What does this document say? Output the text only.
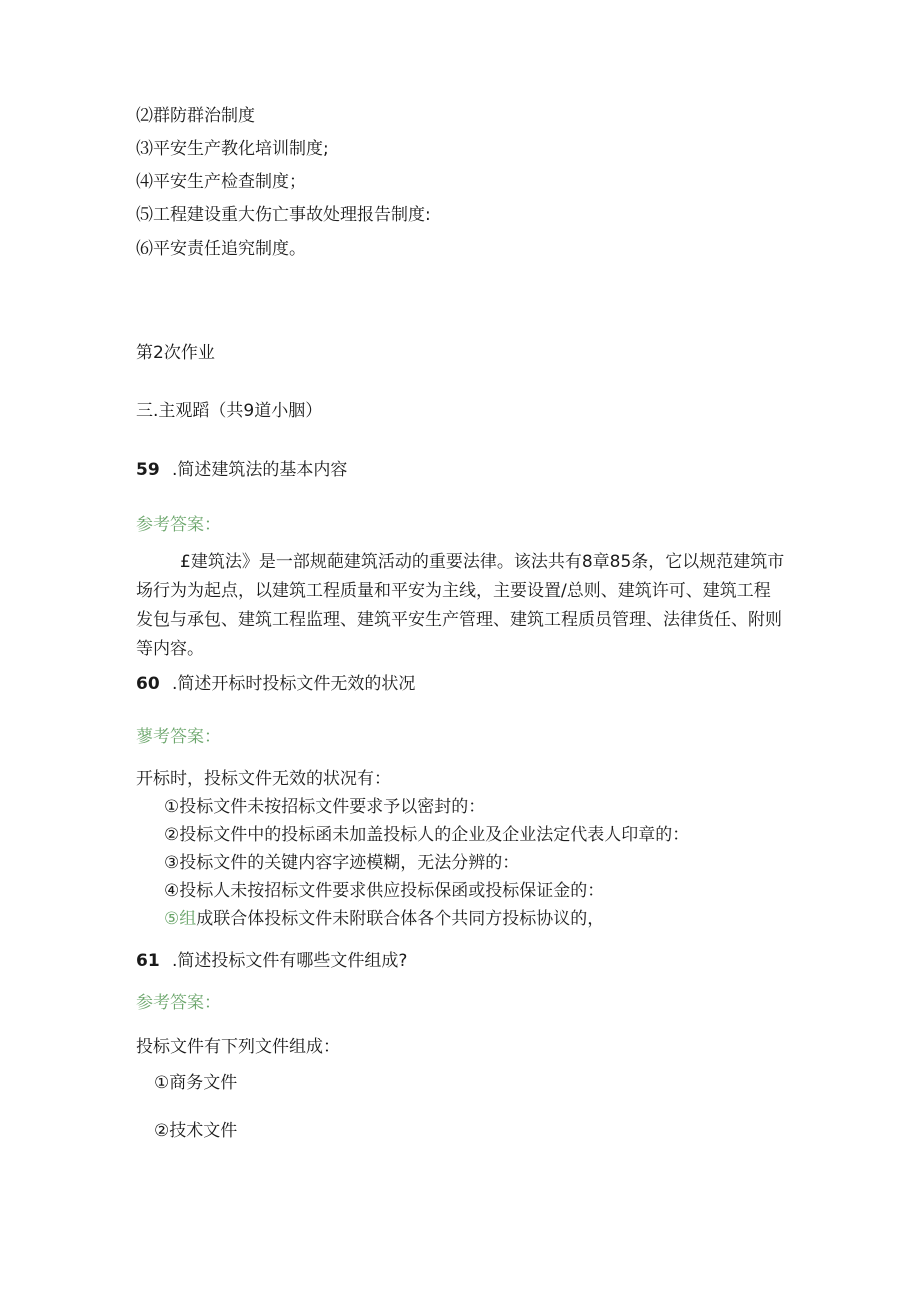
⑵群防群治制度
⑶平安生产教化培训制度;
⑷平安生产检查制度；
⑸工程建设重大伤亡事故处理报告制度:
⑹平安责任追究制度。
第2次作业
三.主观蹈（共9道小胭）
59 .简述建筑法的基本内容
参考答案：
£建筑法》是一部规葩建筑活动的重要法律。该法共有8章85条，它以规范建筑市场行为为起点，以建筑工程质量和平安为主线，主要设置/总则、建筑许可、建筑工程发包与承包、建筑工程监理、建筑平安生产管理、建筑工程质员管理、法律货任、附则等内容。
60 .简述开标时投标文件无效的状况
蓼考答案：
开标时，投标文件无效的状况有：
①投标文件未按招标文件要求予以密封的：
②投标文件中的投标函未加盖投标人的企业及企业法定代表人印章的：
③投标文件的关键内容字迹模糊，无法分辨的：
④投标人未按招标文件要求供应投标保函或投标保证金的：
⑤组成联合体投标文件未附联合体各个共同方投标协议的，
61 .简述投标文件有哪些文件组成?
参考答案：
投标文件有下列文件组成：
①商务文件
②技术文件
